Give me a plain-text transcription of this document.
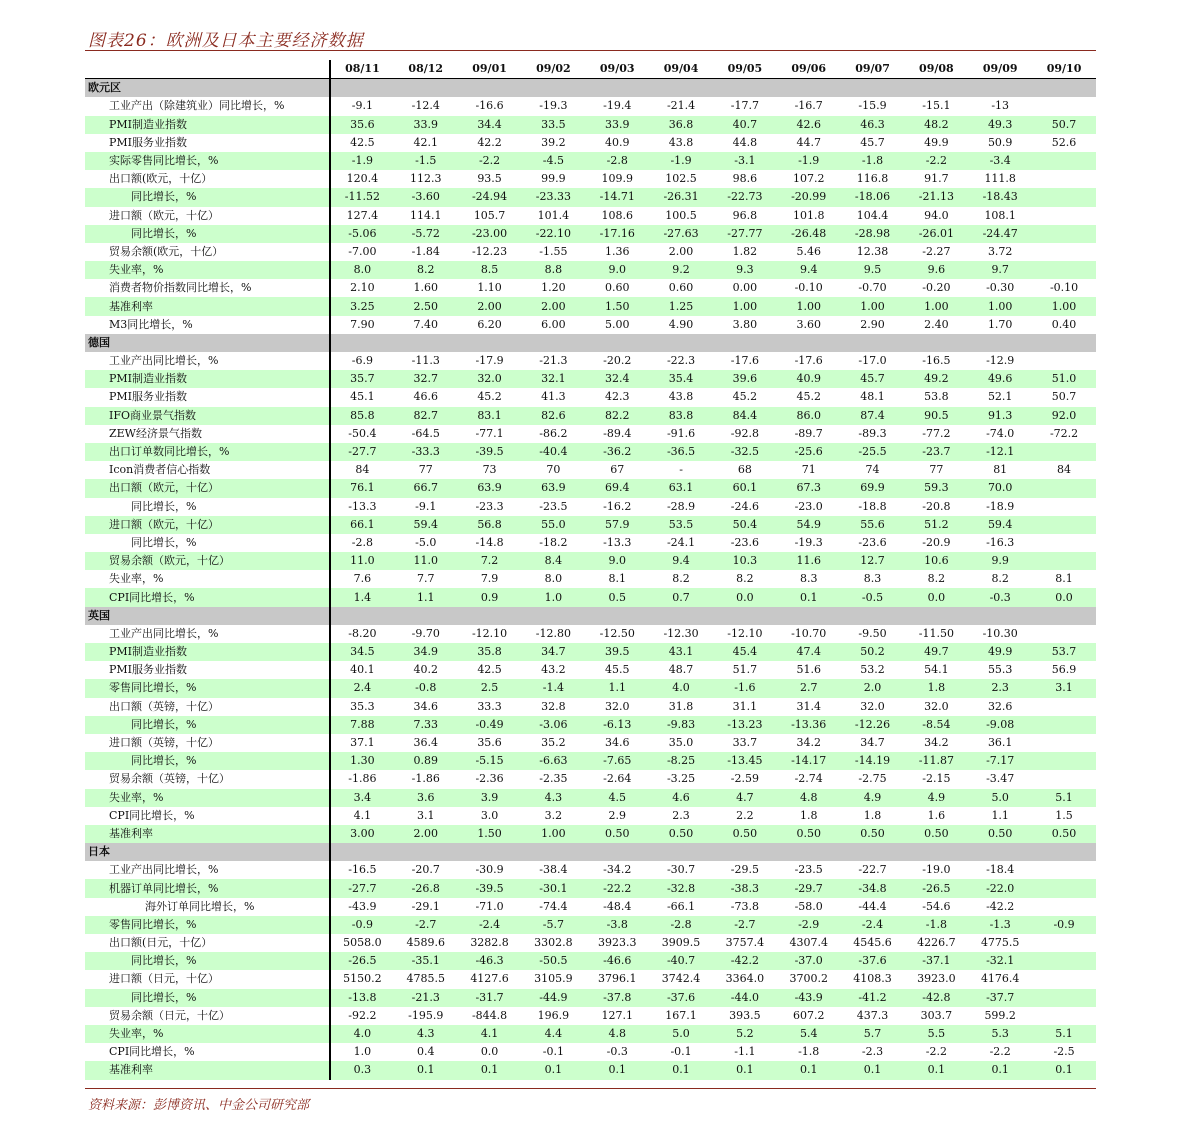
图表26：欧洲及日本主要经济数据
	08/11	08/12	09/01	09/02	09/03	09/04	09/05	09/06	09/07	09/08	09/09	09/10
欧元区												
工业产出（除建筑业）同比增长，%	-9.1	-12.4	-16.6	-19.3	-19.4	-21.4	-17.7	-16.7	-15.9	-15.1	-13	
PMI制造业指数	35.6	33.9	34.4	33.5	33.9	36.8	40.7	42.6	46.3	48.2	49.3	50.7
PMI服务业指数	42.5	42.1	42.2	39.2	40.9	43.8	44.8	44.7	45.7	49.9	50.9	52.6
实际零售同比增长，%	-1.9	-1.5	-2.2	-4.5	-2.8	-1.9	-3.1	-1.9	-1.8	-2.2	-3.4	
出口额(欧元，十亿）	120.4	112.3	93.5	99.9	109.9	102.5	98.6	107.2	116.8	91.7	111.8	
同比增长，%	-11.52	-3.60	-24.94	-23.33	-14.71	-26.31	-22.73	-20.99	-18.06	-21.13	-18.43	
进口额（欧元，十亿）	127.4	114.1	105.7	101.4	108.6	100.5	96.8	101.8	104.4	94.0	108.1	
同比增长，%	-5.06	-5.72	-23.00	-22.10	-17.16	-27.63	-27.77	-26.48	-28.98	-26.01	-24.47	
贸易余额(欧元，十亿）	-7.00	-1.84	-12.23	-1.55	1.36	2.00	1.82	5.46	12.38	-2.27	3.72	
失业率，%	8.0	8.2	8.5	8.8	9.0	9.2	9.3	9.4	9.5	9.6	9.7	
消费者物价指数同比增长，%	2.10	1.60	1.10	1.20	0.60	0.60	0.00	-0.10	-0.70	-0.20	-0.30	-0.10
基准利率	3.25	2.50	2.00	2.00	1.50	1.25	1.00	1.00	1.00	1.00	1.00	1.00
M3同比增长，%	7.90	7.40	6.20	6.00	5.00	4.90	3.80	3.60	2.90	2.40	1.70	0.40
德国												
工业产出同比增长，%	-6.9	-11.3	-17.9	-21.3	-20.2	-22.3	-17.6	-17.6	-17.0	-16.5	-12.9	
PMI制造业指数	35.7	32.7	32.0	32.1	32.4	35.4	39.6	40.9	45.7	49.2	49.6	51.0
PMI服务业指数	45.1	46.6	45.2	41.3	42.3	43.8	45.2	45.2	48.1	53.8	52.1	50.7
IFO商业景气指数	85.8	82.7	83.1	82.6	82.2	83.8	84.4	86.0	87.4	90.5	91.3	92.0
ZEW经济景气指数	-50.4	-64.5	-77.1	-86.2	-89.4	-91.6	-92.8	-89.7	-89.3	-77.2	-74.0	-72.2
出口订单数同比增长，%	-27.7	-33.3	-39.5	-40.4	-36.2	-36.5	-32.5	-25.6	-25.5	-23.7	-12.1	
Icon消费者信心指数	84	77	73	70	67	-	68	71	74	77	81	84
出口额（欧元，十亿）	76.1	66.7	63.9	63.9	69.4	63.1	60.1	67.3	69.9	59.3	70.0	
同比增长，%	-13.3	-9.1	-23.3	-23.5	-16.2	-28.9	-24.6	-23.0	-18.8	-20.8	-18.9	
进口额（欧元，十亿）	66.1	59.4	56.8	55.0	57.9	53.5	50.4	54.9	55.6	51.2	59.4	
同比增长，%	-2.8	-5.0	-14.8	-18.2	-13.3	-24.1	-23.6	-19.3	-23.6	-20.9	-16.3	
贸易余额（欧元，十亿）	11.0	11.0	7.2	8.4	9.0	9.4	10.3	11.6	12.7	10.6	9.9	
失业率，%	7.6	7.7	7.9	8.0	8.1	8.2	8.2	8.3	8.3	8.2	8.2	8.1
CPI同比增长，%	1.4	1.1	0.9	1.0	0.5	0.7	0.0	0.1	-0.5	0.0	-0.3	0.0
英国												
工业产出同比增长，%	-8.20	-9.70	-12.10	-12.80	-12.50	-12.30	-12.10	-10.70	-9.50	-11.50	-10.30	
PMI制造业指数	34.5	34.9	35.8	34.7	39.5	43.1	45.4	47.4	50.2	49.7	49.9	53.7
PMI服务业指数	40.1	40.2	42.5	43.2	45.5	48.7	51.7	51.6	53.2	54.1	55.3	56.9
零售同比增长，%	2.4	-0.8	2.5	-1.4	1.1	4.0	-1.6	2.7	2.0	1.8	2.3	3.1
出口额（英镑，十亿）	35.3	34.6	33.3	32.8	32.0	31.8	31.1	31.4	32.0	32.0	32.6	
同比增长，%	7.88	7.33	-0.49	-3.06	-6.13	-9.83	-13.23	-13.36	-12.26	-8.54	-9.08	
进口额（英镑，十亿）	37.1	36.4	35.6	35.2	34.6	35.0	33.7	34.2	34.7	34.2	36.1	
同比增长，%	1.30	0.89	-5.15	-6.63	-7.65	-8.25	-13.45	-14.17	-14.19	-11.87	-7.17	
贸易余额（英镑，十亿）	-1.86	-1.86	-2.36	-2.35	-2.64	-3.25	-2.59	-2.74	-2.75	-2.15	-3.47	
失业率，%	3.4	3.6	3.9	4.3	4.5	4.6	4.7	4.8	4.9	4.9	5.0	5.1
CPI同比增长，%	4.1	3.1	3.0	3.2	2.9	2.3	2.2	1.8	1.8	1.6	1.1	1.5
基准利率	3.00	2.00	1.50	1.00	0.50	0.50	0.50	0.50	0.50	0.50	0.50	0.50
日本												
工业产出同比增长，%	-16.5	-20.7	-30.9	-38.4	-34.2	-30.7	-29.5	-23.5	-22.7	-19.0	-18.4	
机器订单同比增长，%	-27.7	-26.8	-39.5	-30.1	-22.2	-32.8	-38.3	-29.7	-34.8	-26.5	-22.0	
海外订单同比增长，%	-43.9	-29.1	-71.0	-74.4	-48.4	-66.1	-73.8	-58.0	-44.4	-54.6	-42.2	
零售同比增长，%	-0.9	-2.7	-2.4	-5.7	-3.8	-2.8	-2.7	-2.9	-2.4	-1.8	-1.3	-0.9
出口额(日元，十亿）	5058.0	4589.6	3282.8	3302.8	3923.3	3909.5	3757.4	4307.4	4545.6	4226.7	4775.5	
同比增长，%	-26.5	-35.1	-46.3	-50.5	-46.6	-40.7	-42.2	-37.0	-37.6	-37.1	-32.1	
进口额（日元，十亿）	5150.2	4785.5	4127.6	3105.9	3796.1	3742.4	3364.0	3700.2	4108.3	3923.0	4176.4	
同比增长，%	-13.8	-21.3	-31.7	-44.9	-37.8	-37.6	-44.0	-43.9	-41.2	-42.8	-37.7	
贸易余额（日元，十亿）	-92.2	-195.9	-844.8	196.9	127.1	167.1	393.5	607.2	437.3	303.7	599.2	
失业率，%	4.0	4.3	4.1	4.4	4.8	5.0	5.2	5.4	5.7	5.5	5.3	5.1
CPI同比增长，%	1.0	0.4	0.0	-0.1	-0.3	-0.1	-1.1	-1.8	-2.3	-2.2	-2.2	-2.5
基准利率	0.3	0.1	0.1	0.1	0.1	0.1	0.1	0.1	0.1	0.1	0.1	0.1
资料来源：彭博资讯、中金公司研究部
